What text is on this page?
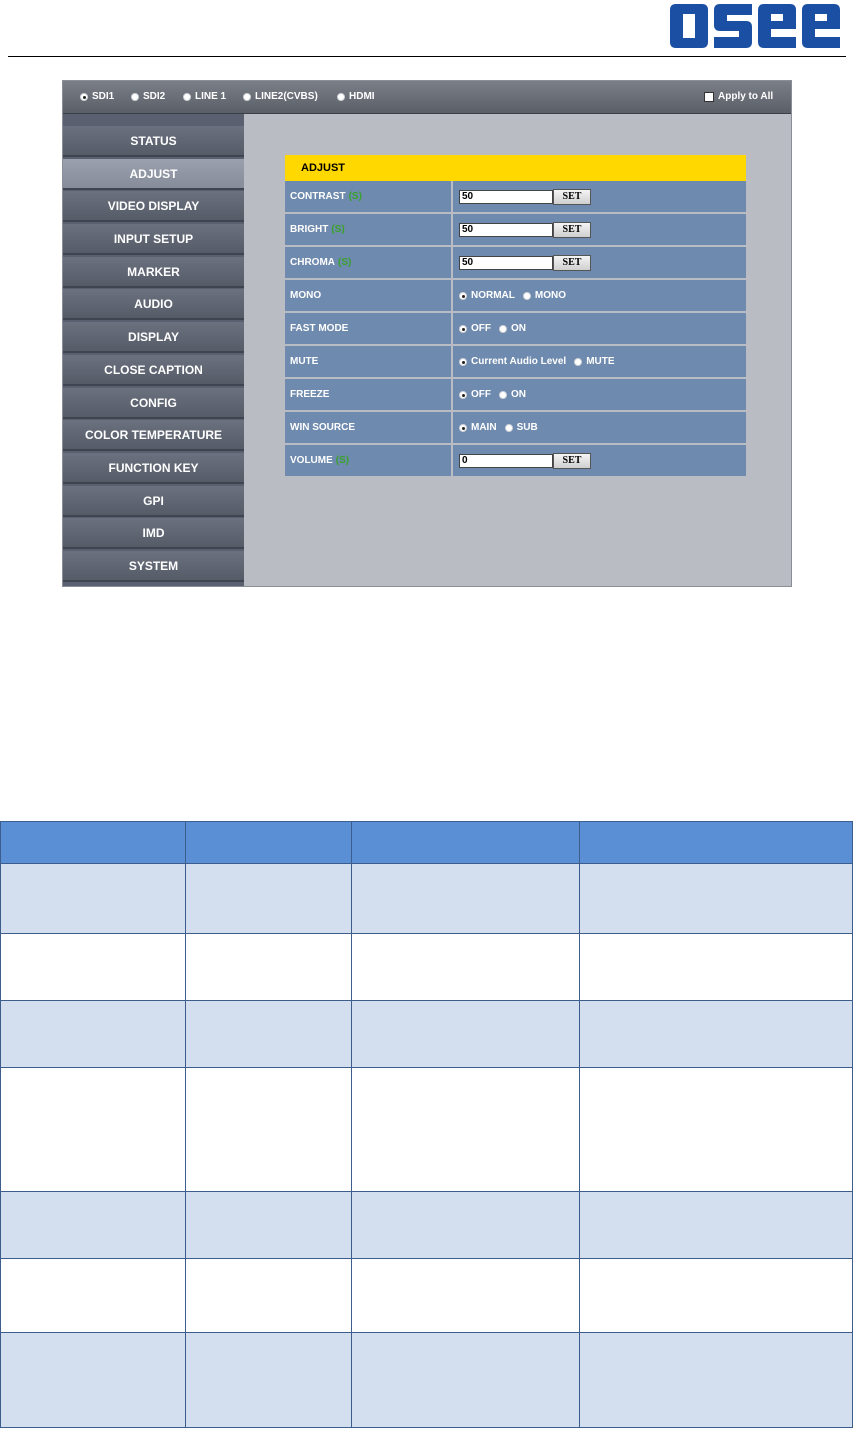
SDI1	SDI2	LINE 1	LINE2(CVBS)	HDMI	Apply to All
STATUS
ADJUST
VIDEO DISPLAY
INPUT SETUP
MARKER
AUDIO
DISPLAY
CLOSE CAPTION
CONFIG
COLOR TEMPERATURE
FUNCTION KEY
GPI
IMD
SYSTEM
ADJUST
CONTRAST (S)	50	SET
BRIGHT (S)	50	SET
CHROMA (S)	50	SET
MONO	NORMAL MONO
FAST MODE	OFF ON
MUTE	Current Audio Level MUTE
FREEZE	OFF ON
WIN SOURCE	MAIN SUB
VOLUME (S)	0	SET
